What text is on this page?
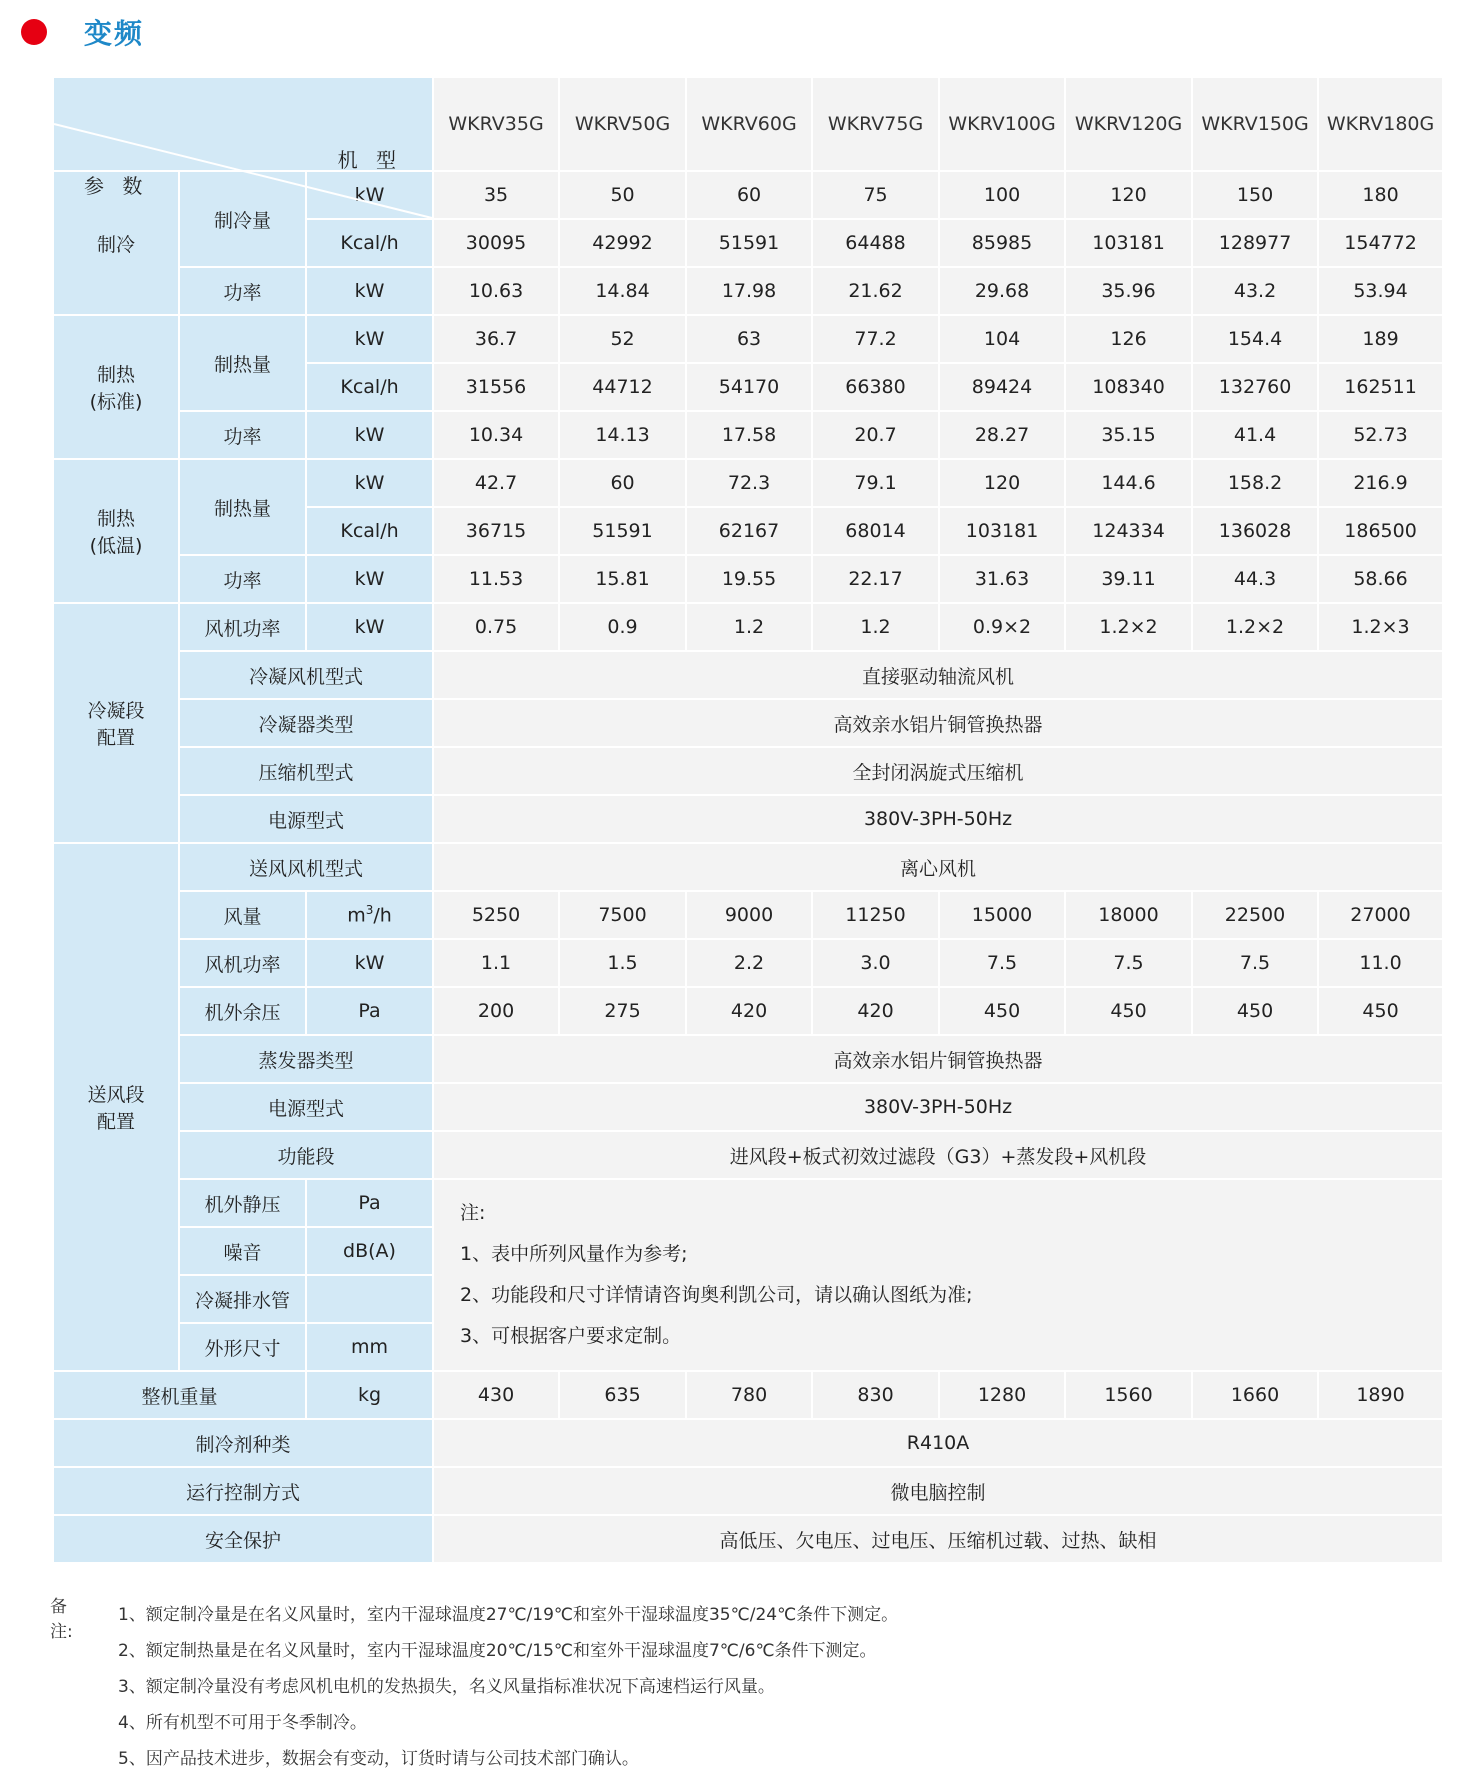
变频
机 型
参 数			WKRV35G	WKRV50G	WKRV60G	WKRV75G	WKRV100G	WKRV120G	WKRV150G	WKRV180G
制冷	制冷量	kW	35	50	60	75	100	120	150	180
		Kcal/h	30095	42992	51591	64488	85985	103181	128977	154772
	功率	kW	10.63	14.84	17.98	21.62	29.68	35.96	43.2	53.94

制热
(标准)	制热量	kW	36.7	52	63	77.2	104	126	154.4	189
		Kcal/h	31556	44712	54170	66380	89424	108340	132760	162511
	功率	kW	10.34	14.13	17.58	20.7	28.27	35.15	41.4	52.73

制热
(低温)	制热量	kW	42.7	60	72.3	79.1	120	144.6	158.2	216.9
		Kcal/h	36715	51591	62167	68014	103181	124334	136028	186500
	功率	kW	11.53	15.81	19.55	22.17	31.63	39.11	44.3	58.66

冷凝段
配置	风机功率	kW	0.75	0.9	1.2	1.2	0.9×2	1.2×2	1.2×2	1.2×3
	冷凝风机型式		直接驱动轴流风机							
	冷凝器类型		高效亲水铝片铜管换热器							
	压缩机型式		全封闭涡旋式压缩机							
	电源型式		380V-3PH-50Hz							

送风段
配置	送风风机型式		离心风机							
	风量	$m^3/h$	5250	7500	9000	11250	15000	18000	22500	27000
	风机功率	kW	1.1	1.5	2.2	3.0	7.5	7.5	7.5	11.0
	机外余压	Pa	200	275	420	420	450	450	450	450
	蒸发器类型		高效亲水铝片铜管换热器							
	电源型式		380V-3PH-50Hz							
	功能段		进风段+板式初效过滤段（G3）+蒸发段+风机段							
	机外静压	Pa	注:
1、表中所列风量作为参考;
2、功能段和尺寸详情请咨询奥利凯公司，请以确认图纸为准;
3、可根据客户要求定制。							

	噪音	dB(A)								
	冷凝排水管									
	外形尺寸	mm								
整机重量		kg	430	635	780	830	1280	1560	1660	1890
制冷剂种类			R410A							
运行控制方式			微电脑控制							
安全保护			高低压、欠电压、过电压、压缩机过载、过热、缺相							
备注:
1、额定制冷量是在名义风量时，室内干湿球温度27℃/19℃和室外干湿球温度35℃/24℃条件下测定。
2、额定制热量是在名义风量时，室内干湿球温度20℃/15℃和室外干湿球温度7℃/6℃条件下测定。
3、额定制冷量没有考虑风机电机的发热损失，名义风量指标准状况下高速档运行风量。
4、所有机型不可用于冬季制冷。
5、因产品技术进步，数据会有变动，订货时请与公司技术部门确认。
